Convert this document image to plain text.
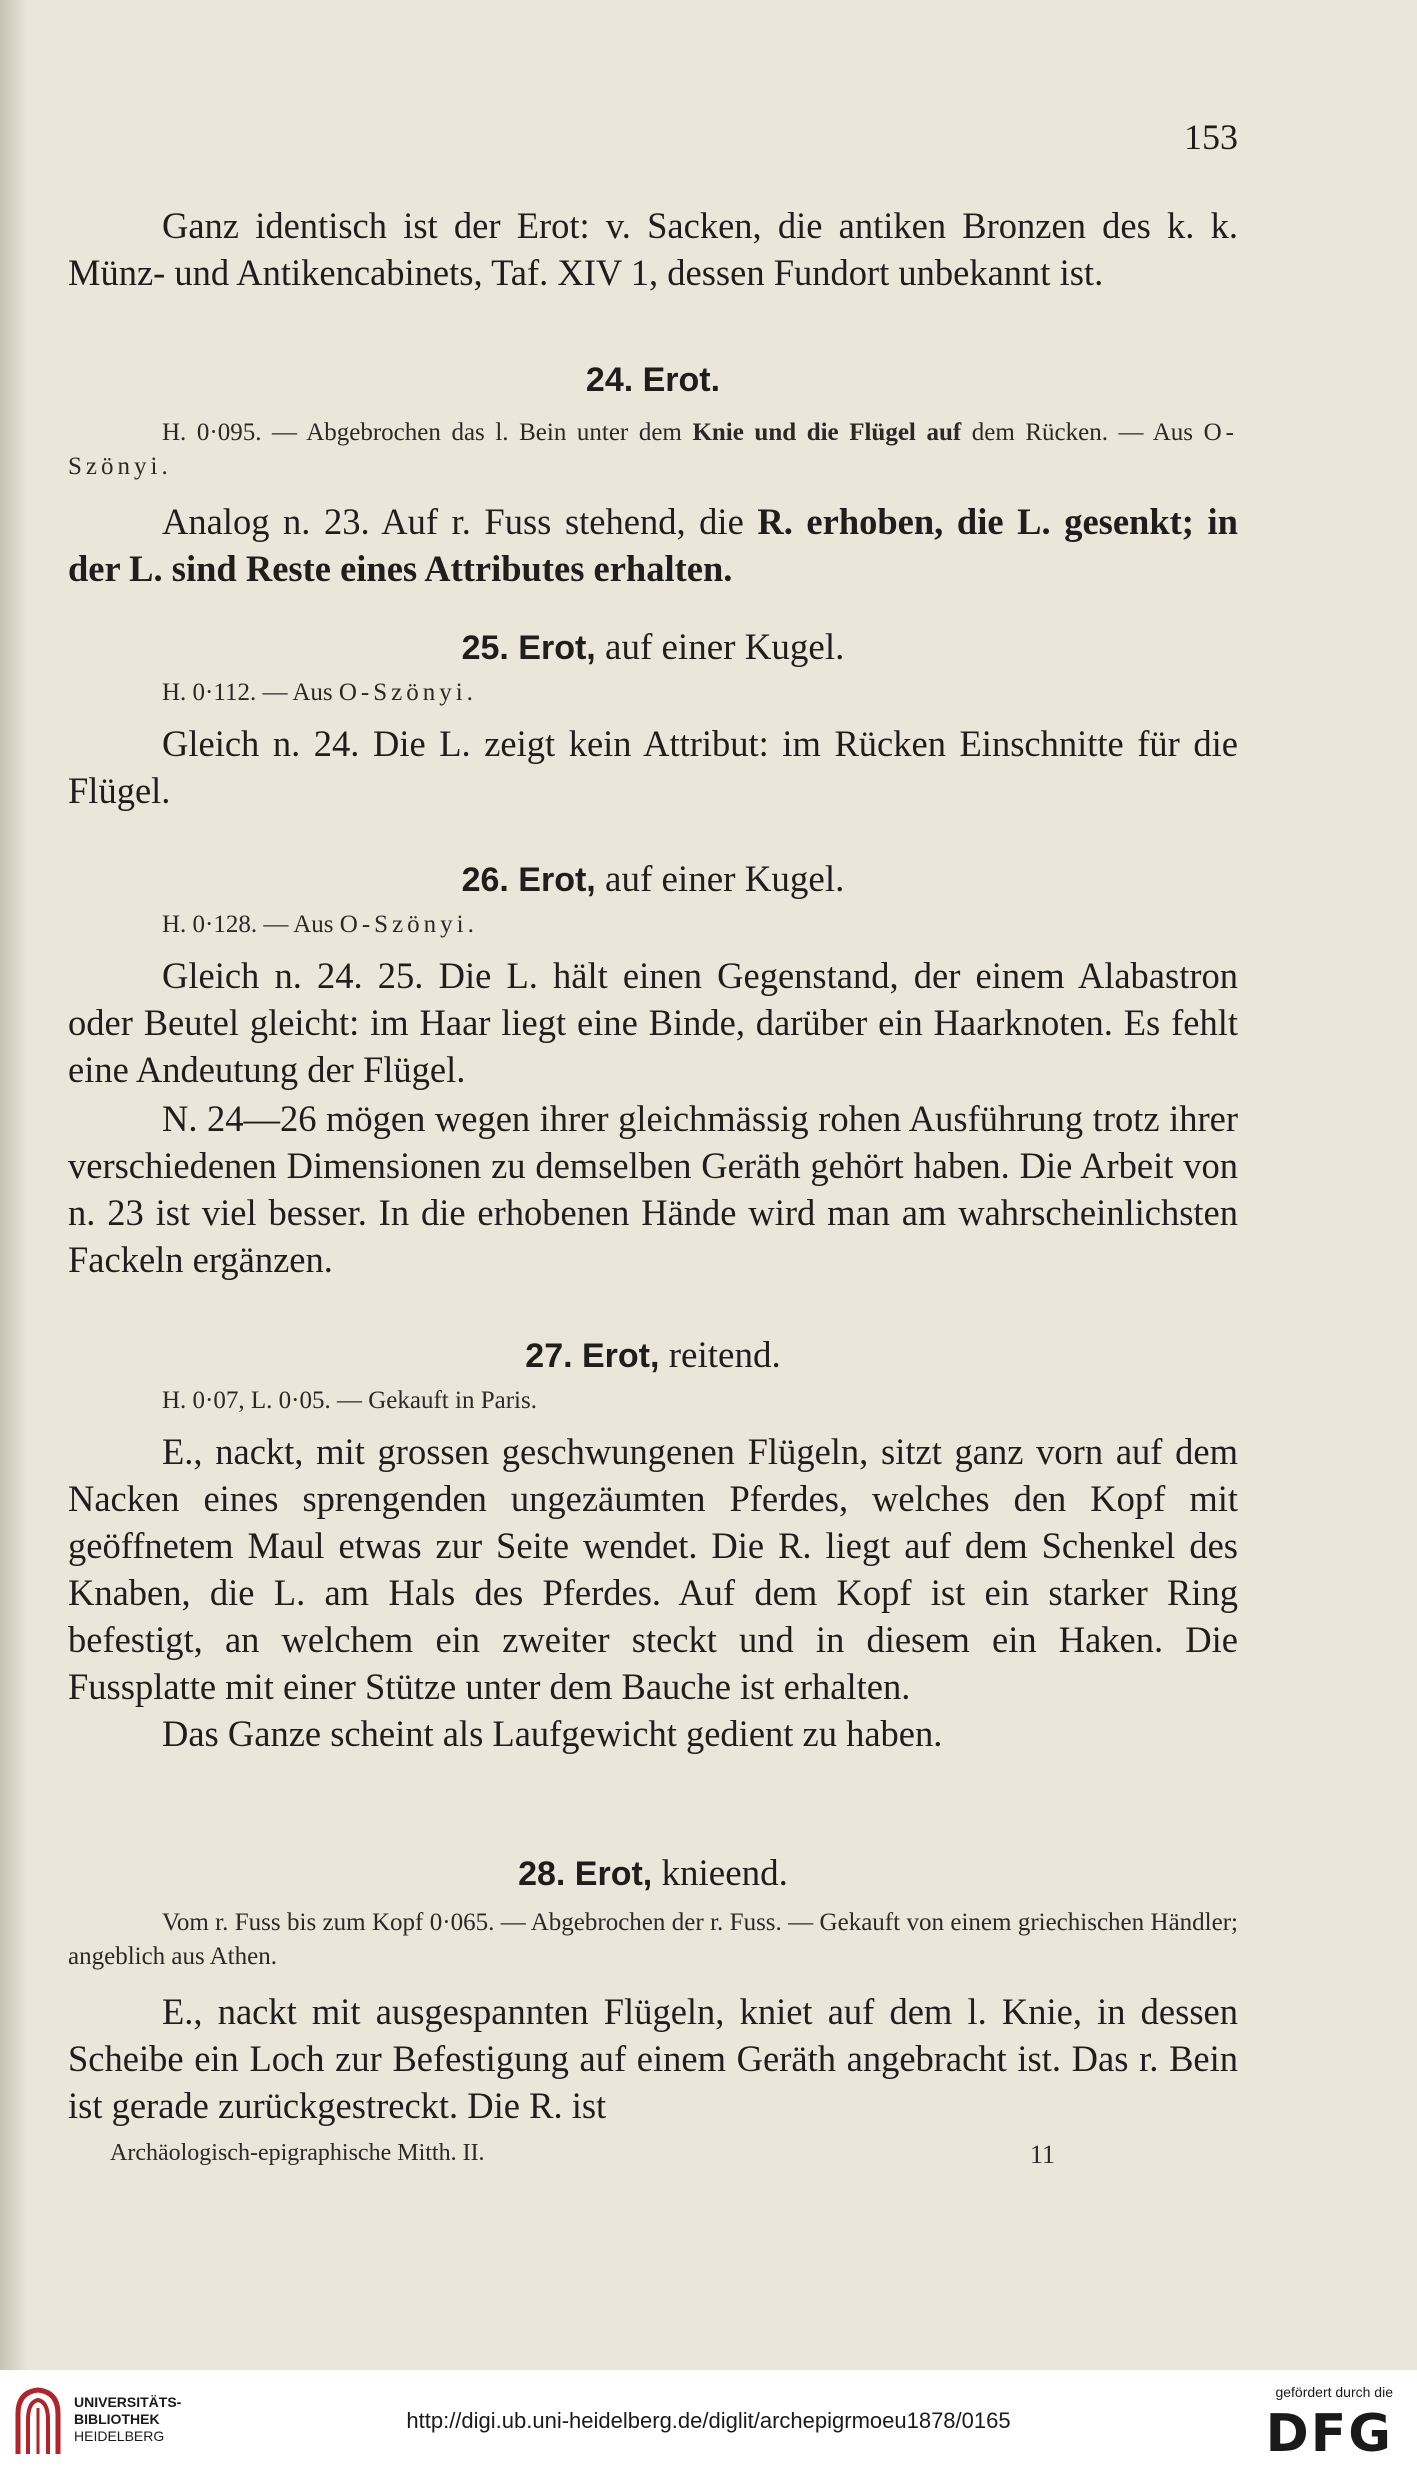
153

Ganz identisch ist der Erot: v. Sacken, die antiken Bronzen des k. k. Münz- und Antikencabinets, Taf. XIV 1, dessen Fundort unbekannt ist.

24. Erot.

H. 0·095. — Abgebrochen das l. Bein unter dem Knie und die Flügel auf dem Rücken. — Aus O-Szönyi.

Analog n. 23. Auf r. Fuss stehend, die R. erhoben, die L. gesenkt; in der L. sind Reste eines Attributes erhalten.

25. Erot, auf einer Kugel.

H. 0·112. — Aus O-Szönyi.

Gleich n. 24. Die L. zeigt kein Attribut: im Rücken Einschnitte für die Flügel.

26. Erot, auf einer Kugel.

H. 0·128. — Aus O-Szönyi.

Gleich n. 24. 25. Die L. hält einen Gegenstand, der einem Alabastron oder Beutel gleicht: im Haar liegt eine Binde, darüber ein Haarknoten. Es fehlt eine Andeutung der Flügel.

N. 24—26 mögen wegen ihrer gleichmässig rohen Ausführung trotz ihrer verschiedenen Dimensionen zu demselben Geräth gehört haben. Die Arbeit von n. 23 ist viel besser. In die erhobenen Hände wird man am wahrscheinlichsten Fackeln ergänzen.

27. Erot, reitend.

H. 0·07, L. 0·05. — Gekauft in Paris.

E., nackt, mit grossen geschwungenen Flügeln, sitzt ganz vorn auf dem Nacken eines sprengenden ungezäumten Pferdes, welches den Kopf mit geöffnetem Maul etwas zur Seite wendet. Die R. liegt auf dem Schenkel des Knaben, die L. am Hals des Pferdes. Auf dem Kopf ist ein starker Ring befestigt, an welchem ein zweiter steckt und in diesem ein Haken. Die Fussplatte mit einer Stütze unter dem Bauche ist erhalten.

Das Ganze scheint als Laufgewicht gedient zu haben.

28. Erot, knieend.

Vom r. Fuss bis zum Kopf 0·065. — Abgebrochen der r. Fuss. — Gekauft von einem griechischen Händler; angeblich aus Athen.

E., nackt mit ausgespannten Flügeln, kniet auf dem l. Knie, in dessen Scheibe ein Loch zur Befestigung auf einem Geräth angebracht ist. Das r. Bein ist gerade zurückgestreckt. Die R. ist

Archäologisch-epigraphische Mitth. II.	11
UNIVERSITÄTS-
BIBLIOTHEK
HEIDELBERG
http://digi.ub.uni-heidelberg.de/diglit/archepigrmoeu1878/0165
gefördert durch die
DFG
